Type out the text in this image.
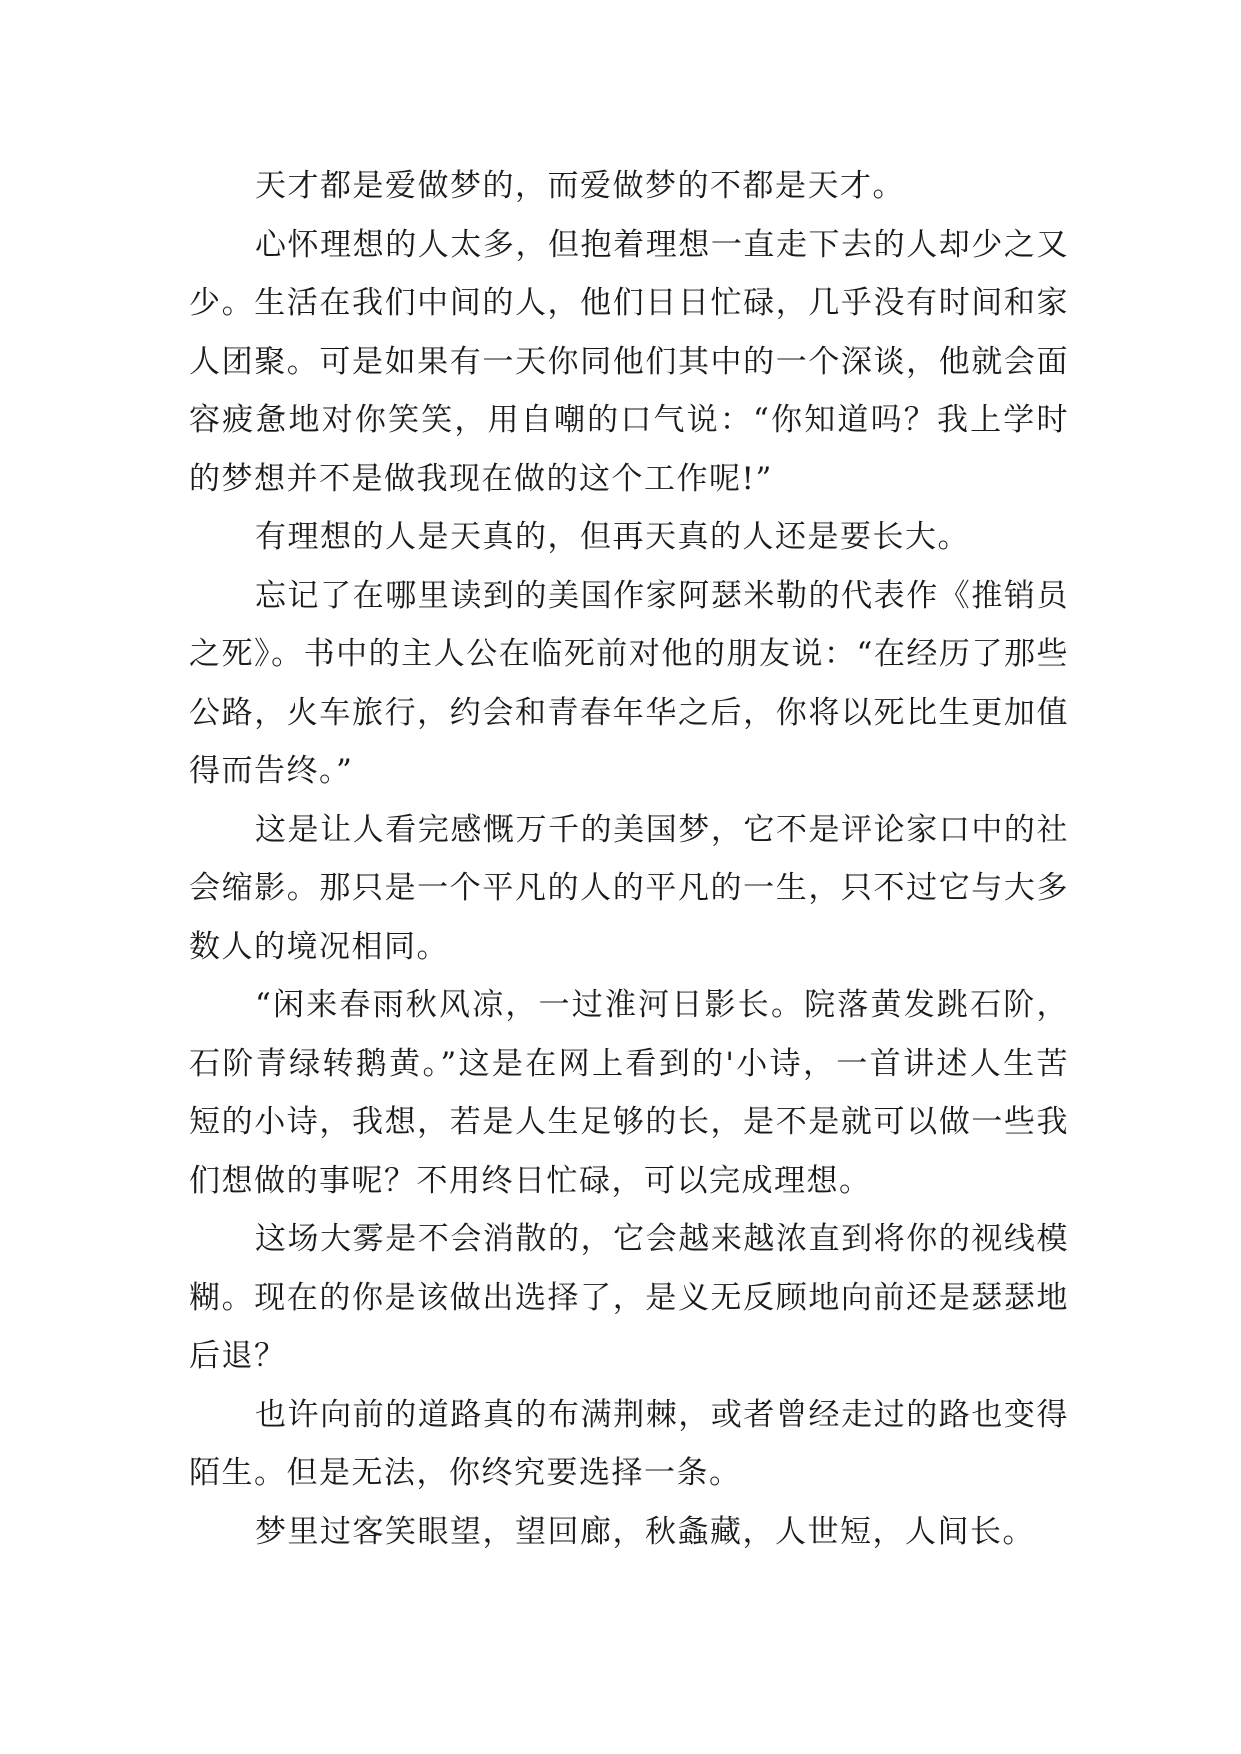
天才都是爱做梦的，而爱做梦的不都是天才。

心怀理想的人太多，但抱着理想一直走下去的人却少之又少。生活在我们中间的人，他们日日忙碌，几乎没有时间和家人团聚。可是如果有一天你同他们其中的一个深谈，他就会面容疲惫地对你笑笑，用自嘲的口气说：“你知道吗？我上学时的梦想并不是做我现在做的这个工作呢!”

有理想的人是天真的，但再天真的人还是要长大。

忘记了在哪里读到的美国作家阿瑟米勒的代表作《推销员之死》。书中的主人公在临死前对他的朋友说：“在经历了那些公路，火车旅行，约会和青春年华之后，你将以死比生更加值得而告终。”

这是让人看完感慨万千的美国梦，它不是评论家口中的社会缩影。那只是一个平凡的人的平凡的一生，只不过它与大多数人的境况相同。

“闲来春雨秋风凉，一过淮河日影长。院落黄发跳石阶，石阶青绿转鹅黄。”这是在网上看到的'小诗，一首讲述人生苦短的小诗，我想，若是人生足够的长，是不是就可以做一些我们想做的事呢？不用终日忙碌，可以完成理想。

这场大雾是不会消散的，它会越来越浓直到将你的视线模糊。现在的你是该做出选择了，是义无反顾地向前还是瑟瑟地后退？

也许向前的道路真的布满荆棘，或者曾经走过的路也变得陌生。但是无法，你终究要选择一条。

梦里过客笑眼望，望回廊，秋螽藏，人世短，人间长。
